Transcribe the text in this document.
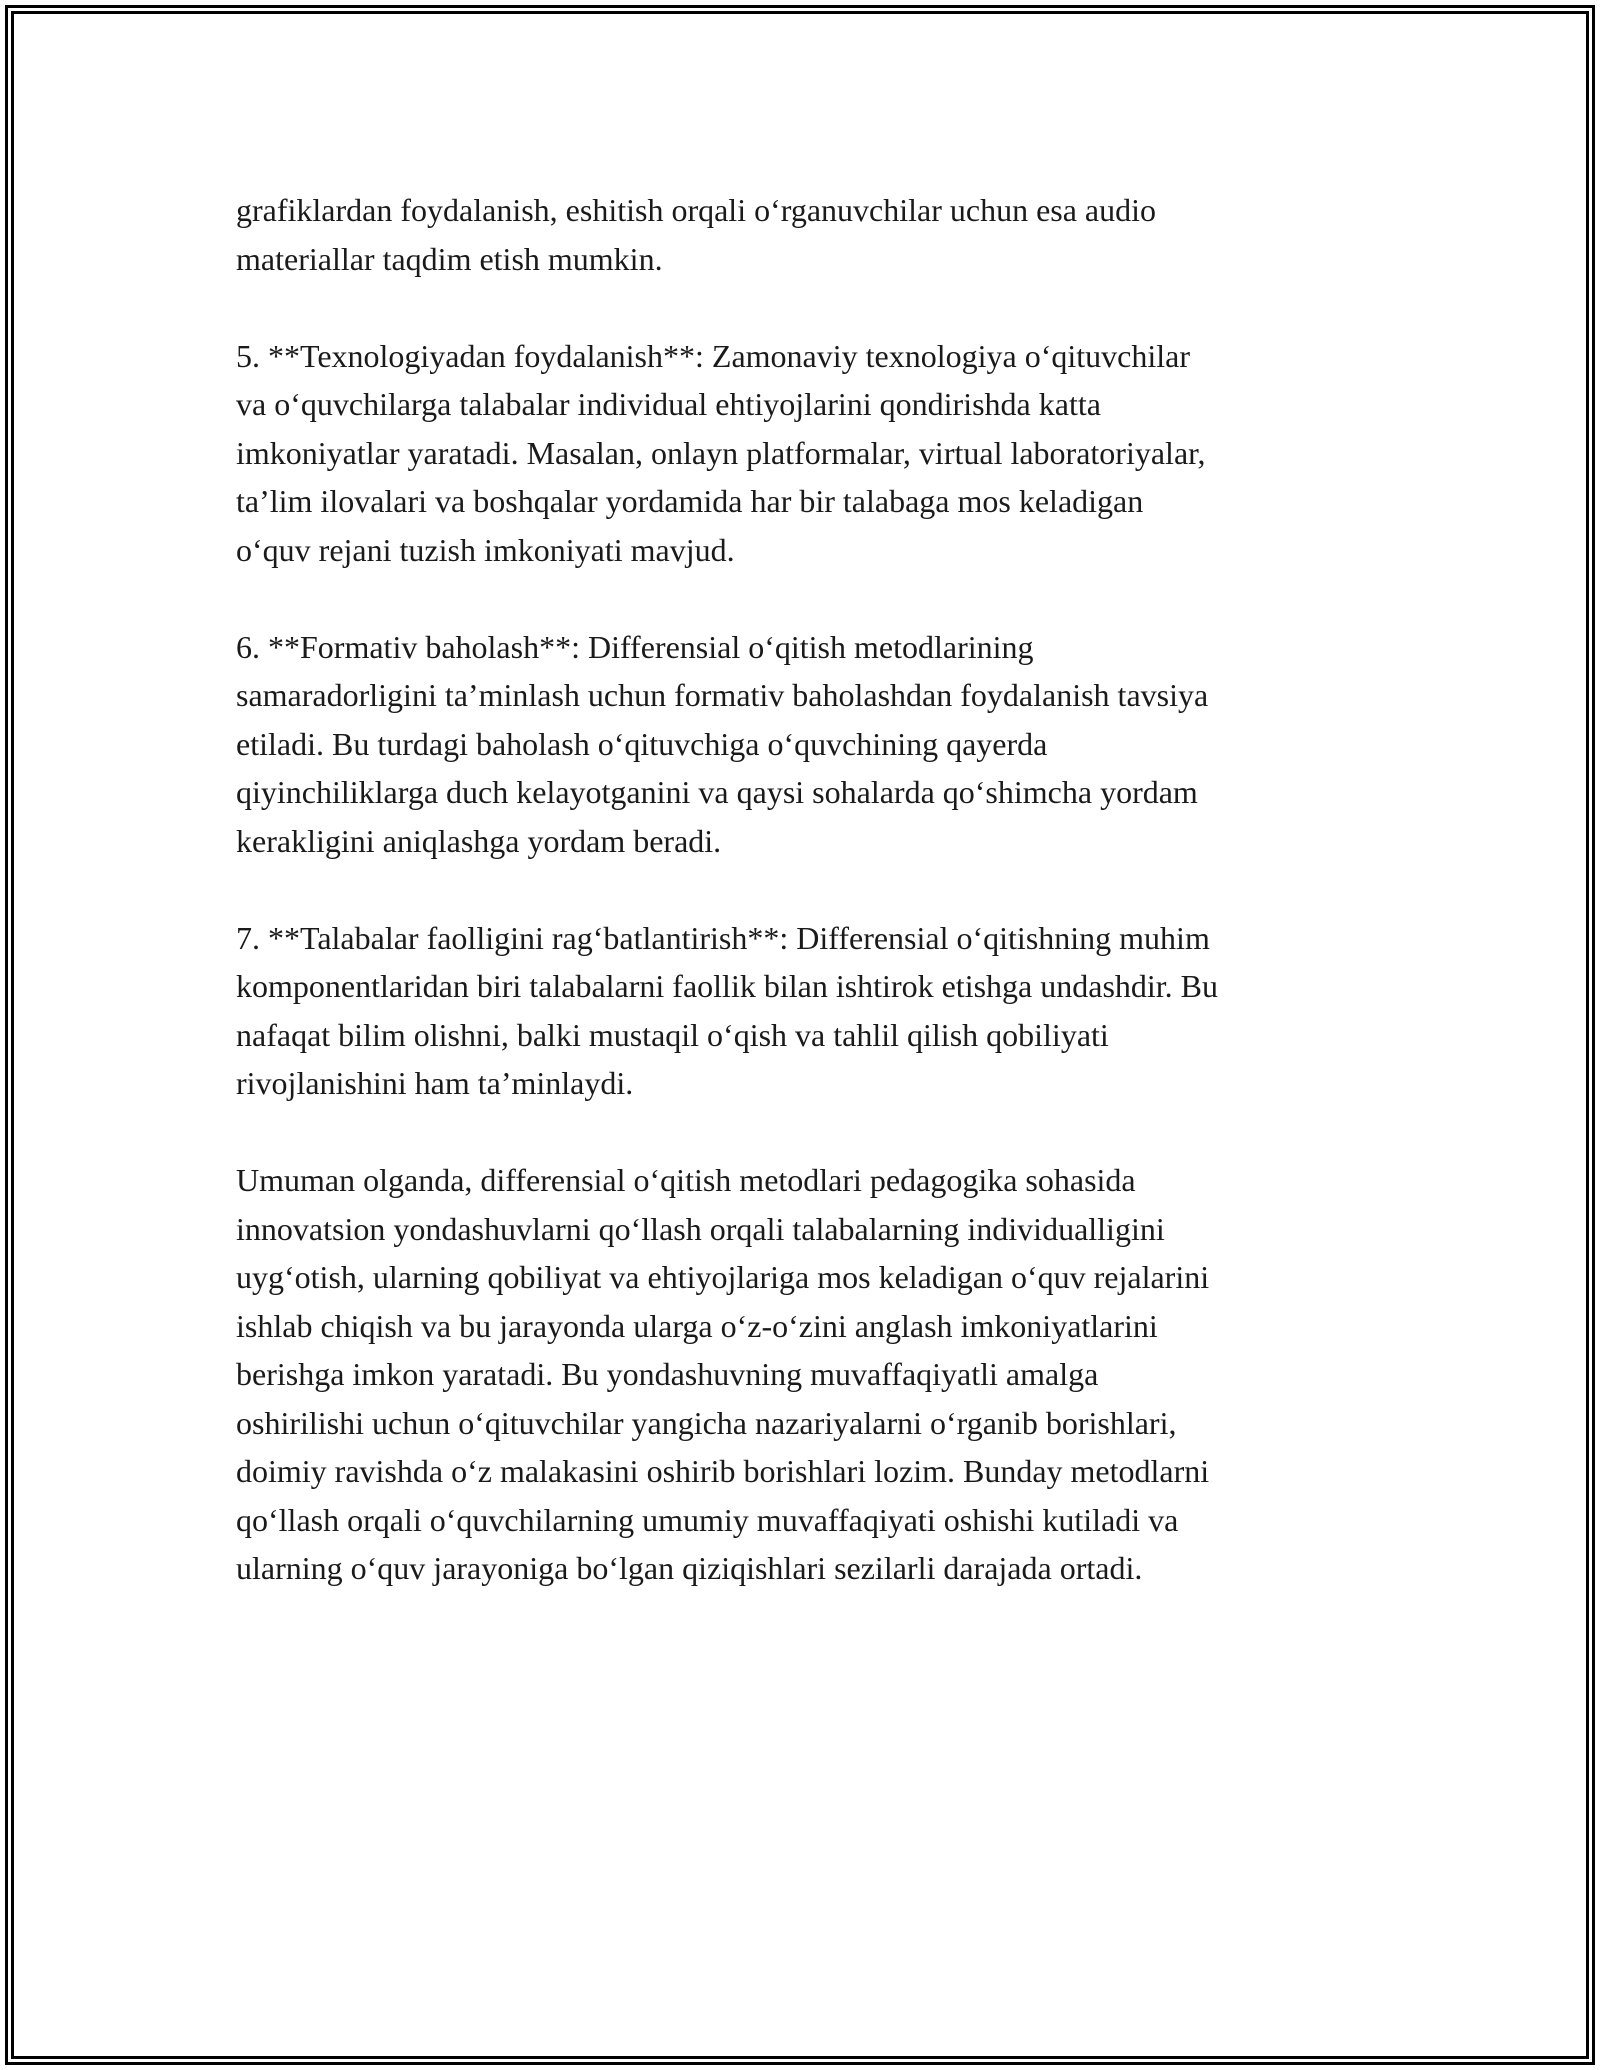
grafiklardan foydalanish, eshitish orqali o‘rganuvchilar uchun esa audio
materiallar taqdim etish mumkin.
5. **Texnologiyadan foydalanish**: Zamonaviy texnologiya o‘qituvchilar
va o‘quvchilarga talabalar individual ehtiyojlarini qondirishda katta
imkoniyatlar yaratadi. Masalan, onlayn platformalar, virtual laboratoriyalar,
ta’lim ilovalari va boshqalar yordamida har bir talabaga mos keladigan
o‘quv rejani tuzish imkoniyati mavjud.
6. **Formativ baholash**: Differensial o‘qitish metodlarining
samaradorligini ta’minlash uchun formativ baholashdan foydalanish tavsiya
etiladi. Bu turdagi baholash o‘qituvchiga o‘quvchining qayerda
qiyinchiliklarga duch kelayotganini va qaysi sohalarda qo‘shimcha yordam
kerakligini aniqlashga yordam beradi.
7. **Talabalar faolligini rag‘batlantirish**: Differensial o‘qitishning muhim
komponentlaridan biri talabalarni faollik bilan ishtirok etishga undashdir. Bu
nafaqat bilim olishni, balki mustaqil o‘qish va tahlil qilish qobiliyati
rivojlanishini ham ta’minlaydi.
Umuman olganda, differensial o‘qitish metodlari pedagogika sohasida
innovatsion yondashuvlarni qo‘llash orqali talabalarning individualligini
uyg‘otish, ularning qobiliyat va ehtiyojlariga mos keladigan o‘quv rejalarini
ishlab chiqish va bu jarayonda ularga o‘z-o‘zini anglash imkoniyatlarini
berishga imkon yaratadi. Bu yondashuvning muvaffaqiyatli amalga
oshirilishi uchun o‘qituvchilar yangicha nazariyalarni o‘rganib borishlari,
doimiy ravishda o‘z malakasini oshirib borishlari lozim. Bunday metodlarni
qo‘llash orqali o‘quvchilarning umumiy muvaffaqiyati oshishi kutiladi va
ularning o‘quv jarayoniga bo‘lgan qiziqishlari sezilarli darajada ortadi.
